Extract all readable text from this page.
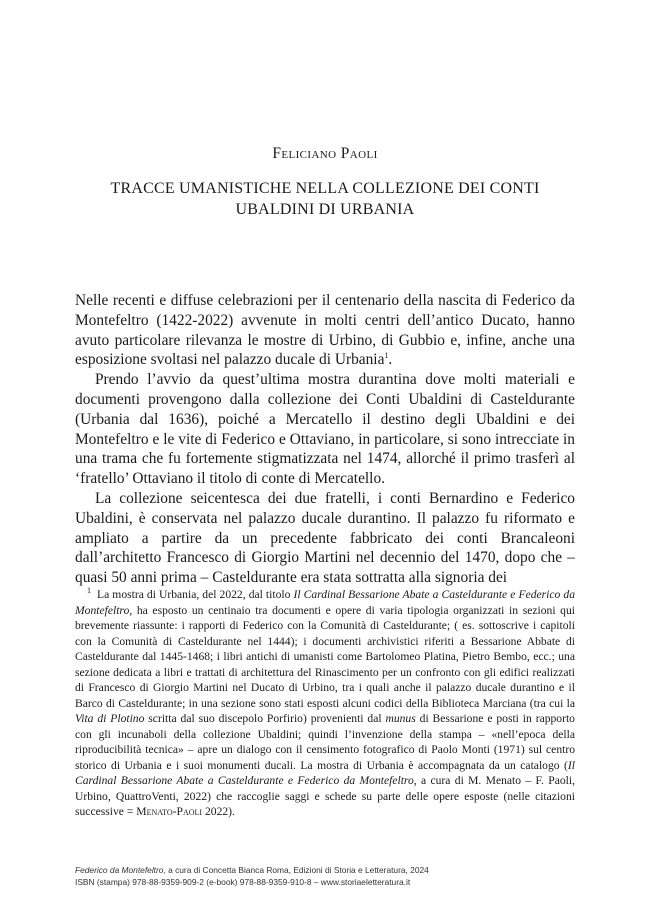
Feliciano Paoli
TRACCE UMANISTICHE NELLA COLLEZIONE DEI CONTI UBALDINI DI URBANIA

Nelle recenti e diffuse celebrazioni per il centenario della nascita di Federico da Montefeltro (1422-2022) avvenute in molti centri dell’antico Ducato, hanno avuto particolare rilevanza le mostre di Urbino, di Gubbio e, infine, anche una esposizione svoltasi nel palazzo ducale di Urbania$^1$.

Prendo l’avvio da quest’ultima mostra durantina dove molti materiali e documenti provengono dalla collezione dei Conti Ubaldini di Casteldurante (Urbania dal 1636), poiché a Mercatello il destino degli Ubaldini e dei Montefeltro e le vite di Federico e Ottaviano, in particolare, si sono intrecciate in una trama che fu fortemente stigmatizzata nel 1474, allorché il primo trasferì al ‘fratello’ Ottaviano il titolo di conte di Mercatello.

La collezione seicentesca dei due fratelli, i conti Bernardino e Federico Ubaldini, è conservata nel palazzo ducale durantino. Il palazzo fu riformato e ampliato a partire da un precedente fabbricato dei conti Brancaleoni dall’architetto Francesco di Giorgio Martini nel decennio del 1470, dopo che – quasi 50 anni prima – Casteldurante era stata sottratta alla signoria dei

$^1$ La mostra di Urbania, del 2022, dal titolo Il Cardinal Bessarione Abate a Casteldurante e Federico da Montefeltro, ha esposto un centinaio tra documenti e opere di varia tipologia organizzati in sezioni qui brevemente riassunte: i rapporti di Federico con la Comunità di Casteldurante; ( es. sottoscrive i capitoli con la Comunità di Casteldurante nel 1444); i documenti archivistici riferiti a Bessarione Abbate di Casteldurante dal 1445-1468; i libri antichi di umanisti come Bartolomeo Platina, Pietro Bembo, ecc.; una sezione dedicata a libri e trattati di architettura del Rinascimento per un confronto con gli edifici realizzati di Francesco di Giorgio Martini nel Ducato di Urbino, tra i quali anche il palazzo ducale durantino e il Barco di Casteldurante; in una sezione sono stati esposti alcuni codici della Biblioteca Marciana (tra cui la Vita di Plotino scritta dal suo discepolo Porfirio) provenienti dal munus di Bessarione e posti in rapporto con gli incunaboli della collezione Ubaldini; quindi l’invenzione della stampa – «nell’epoca della riproducibilità tecnica» – apre un dialogo con il censimento fotografico di Paolo Monti (1971) sul centro storico di Urbania e i suoi monumenti ducali. La mostra di Urbania è accompagnata da un catalogo (Il Cardinal Bessarione Abate a Casteldurante e Federico da Montefeltro, a cura di M. Menato – F. Paoli, Urbino, QuattroVenti, 2022) che raccoglie saggi e schede su parte delle opere esposte (nelle citazioni successive = Menato-Paoli 2022).

Federico da Montefeltro, a cura di Concetta Bianca Roma, Edizioni di Storia e Letteratura, 2024
ISBN (stampa) 978-88-9359-909-2 (e-book) 978-88-9359-910-8 – www.storiaeletteratura.it
